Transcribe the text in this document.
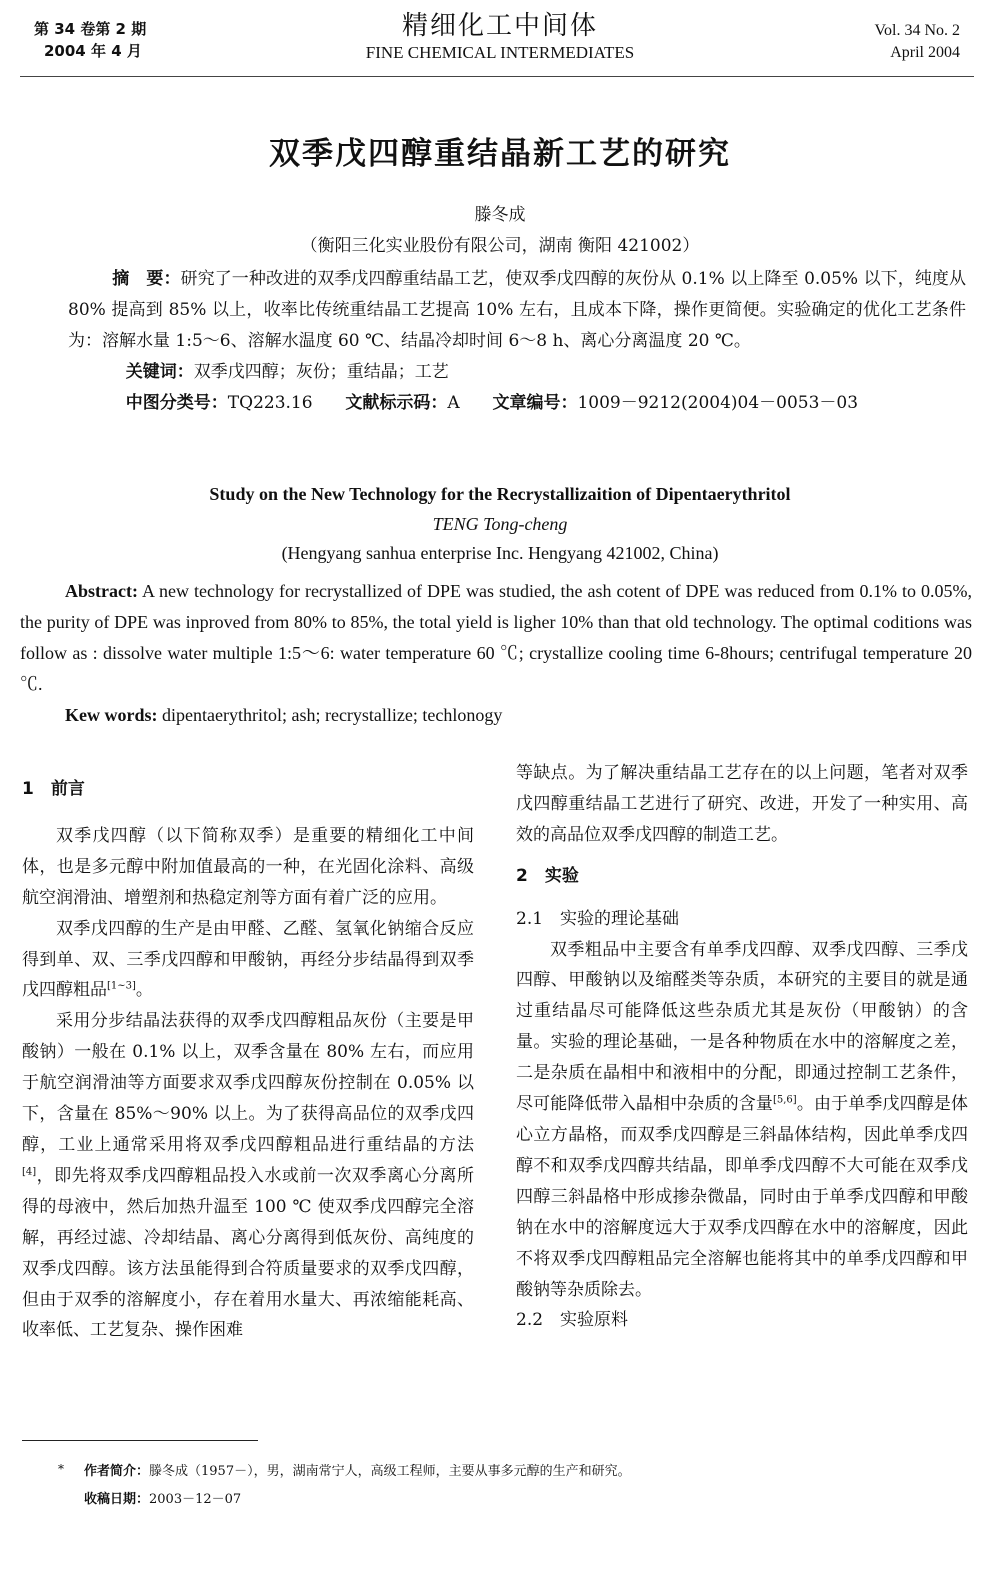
第 34 卷第 2 期
2004 年 4 月
精细化工中间体
FINE CHEMICAL INTERMEDIATES
Vol. 34 No. 2
April 2004
双季戊四醇重结晶新工艺的研究
滕冬成
（衡阳三化实业股份有限公司，湖南 衡阳 421002）
摘　要：研究了一种改进的双季戊四醇重结晶工艺，使双季戊四醇的灰份从 0.1% 以上降至 0.05% 以下，纯度从 80% 提高到 85% 以上，收率比传统重结晶工艺提高 10% 左右，且成本下降，操作更简便。实验确定的优化工艺条件为：溶解水量 1:5～6、溶解水温度 60 ℃、结晶冷却时间 6～8 h、离心分离温度 20 ℃。
关键词：双季戊四醇；灰份；重结晶；工艺
中图分类号：TQ223.16 文献标示码：A 文章编号：1009－9212(2004)04－0053－03
Study on the New Technology for the Recrystallizaition of Dipentaerythritol
TENG Tong-cheng
(Hengyang sanhua enterprise Inc. Hengyang 421002, China)
Abstract: A new technology for recrystallized of DPE was studied, the ash cotent of DPE was reduced from 0.1% to 0.05%, the purity of DPE was inproved from 80% to 85%, the total yield is ligher 10% than that old technology. The optimal coditions was follow as : dissolve water multiple 1:5～6: water temperature 60 ℃; crystallize cooling time 6-8hours; centrifugal temperature 20 ℃.
Kew words: dipentaerythritol; ash; recrystallize; techlonogy
1　前言

双季戊四醇（以下简称双季）是重要的精细化工中间体，也是多元醇中附加值最高的一种，在光固化涂料、高级航空润滑油、增塑剂和热稳定剂等方面有着广泛的应用。

双季戊四醇的生产是由甲醛、乙醛、氢氧化钠缩合反应得到单、双、三季戊四醇和甲酸钠，再经分步结晶得到双季戊四醇粗品[1~3]。

采用分步结晶法获得的双季戊四醇粗品灰份（主要是甲酸钠）一般在 0.1% 以上，双季含量在 80% 左右，而应用于航空润滑油等方面要求双季戊四醇灰份控制在 0.05% 以下，含量在 85%～90% 以上。为了获得高品位的双季戊四醇，工业上通常采用将双季戊四醇粗品进行重结晶的方法[4]，即先将双季戊四醇粗品投入水或前一次双季离心分离所得的母液中，然后加热升温至 100 ℃ 使双季戊四醇完全溶解，再经过滤、冷却结晶、离心分离得到低灰份、高纯度的双季戊四醇。该方法虽能得到合符质量要求的双季戊四醇，但由于双季的溶解度小，存在着用水量大、再浓缩能耗高、收率低、工艺复杂、操作困难

等缺点。为了解决重结晶工艺存在的以上问题，笔者对双季戊四醇重结晶工艺进行了研究、改进，开发了一种实用、高效的高品位双季戊四醇的制造工艺。

2　实验
2.1　实验的理论基础

双季粗品中主要含有单季戊四醇、双季戊四醇、三季戊四醇、甲酸钠以及缩醛类等杂质，本研究的主要目的就是通过重结晶尽可能降低这些杂质尤其是灰份（甲酸钠）的含量。实验的理论基础，一是各种物质在水中的溶解度之差，二是杂质在晶相中和液相中的分配，即通过控制工艺条件，尽可能降低带入晶相中杂质的含量[5,6]。由于单季戊四醇是体心立方晶格，而双季戊四醇是三斜晶体结构，因此单季戊四醇不和双季戊四醇共结晶，即单季戊四醇不大可能在双季戊四醇三斜晶格中形成掺杂微晶，同时由于单季戊四醇和甲酸钠在水中的溶解度远大于双季戊四醇在水中的溶解度，因此不将双季戊四醇粗品完全溶解也能将其中的单季戊四醇和甲酸钠等杂质除去。

2.2　实验原料
* 作者简介：滕冬成（1957－），男，湖南常宁人，高级工程师，主要从事多元醇的生产和研究。
收稿日期：2003－12－07
